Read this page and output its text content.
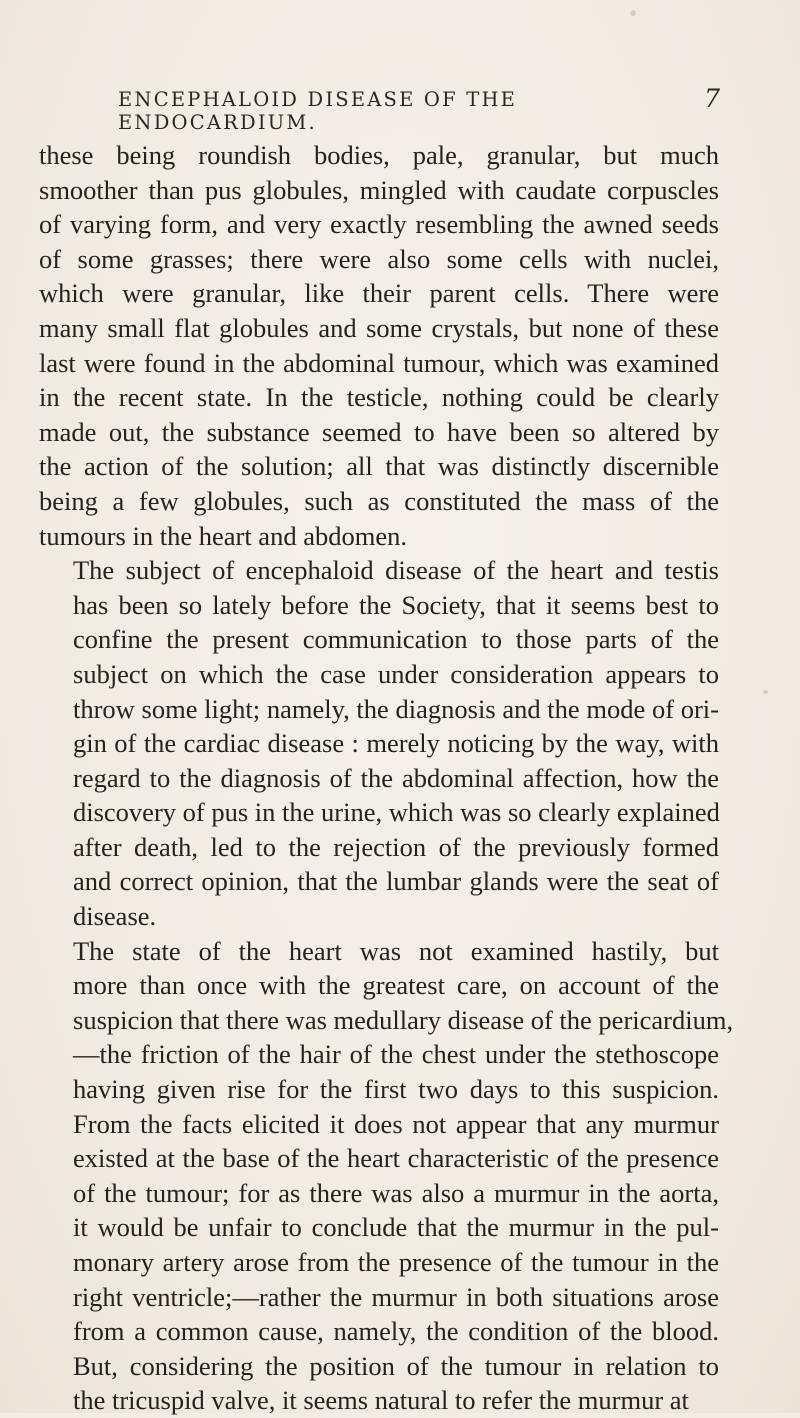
ENCEPHALOID DISEASE OF THE ENDOCARDIUM.
7

these being roundish bodies, pale, granular, but much
smoother than pus globules, mingled with caudate corpuscles
of varying form, and very exactly resembling the awned seeds
of some grasses; there were also some cells with nuclei,
which were granular, like their parent cells. There were
many small flat globules and some crystals, but none of these
last were found in the abdominal tumour, which was examined
in the recent state. In the testicle, nothing could be clearly
made out, the substance seemed to have been so altered by
the action of the solution; all that was distinctly discernible
being a few globules, such as constituted the mass of the
tumours in the heart and abdomen.

The subject of encephaloid disease of the heart and testis
has been so lately before the Society, that it seems best to
confine the present communication to those parts of the
subject on which the case under consideration appears to
throw some light; namely, the diagnosis and the mode of ori-
gin of the cardiac disease : merely noticing by the way, with
regard to the diagnosis of the abdominal affection, how the
discovery of pus in the urine, which was so clearly explained
after death, led to the rejection of the previously formed
and correct opinion, that the lumbar glands were the seat of
disease.

The state of the heart was not examined hastily, but
more than once with the greatest care, on account of the
suspicion that there was medullary disease of the pericardium,
—the friction of the hair of the chest under the stethoscope
having given rise for the first two days to this suspicion.
From the facts elicited it does not appear that any murmur
existed at the base of the heart characteristic of the presence
of the tumour; for as there was also a murmur in the aorta,
it would be unfair to conclude that the murmur in the pul-
monary artery arose from the presence of the tumour in the
right ventricle;—rather the murmur in both situations arose
from a common cause, namely, the condition of the blood.
But, considering the position of the tumour in relation to
the tricuspid valve, it seems natural to refer the murmur at
